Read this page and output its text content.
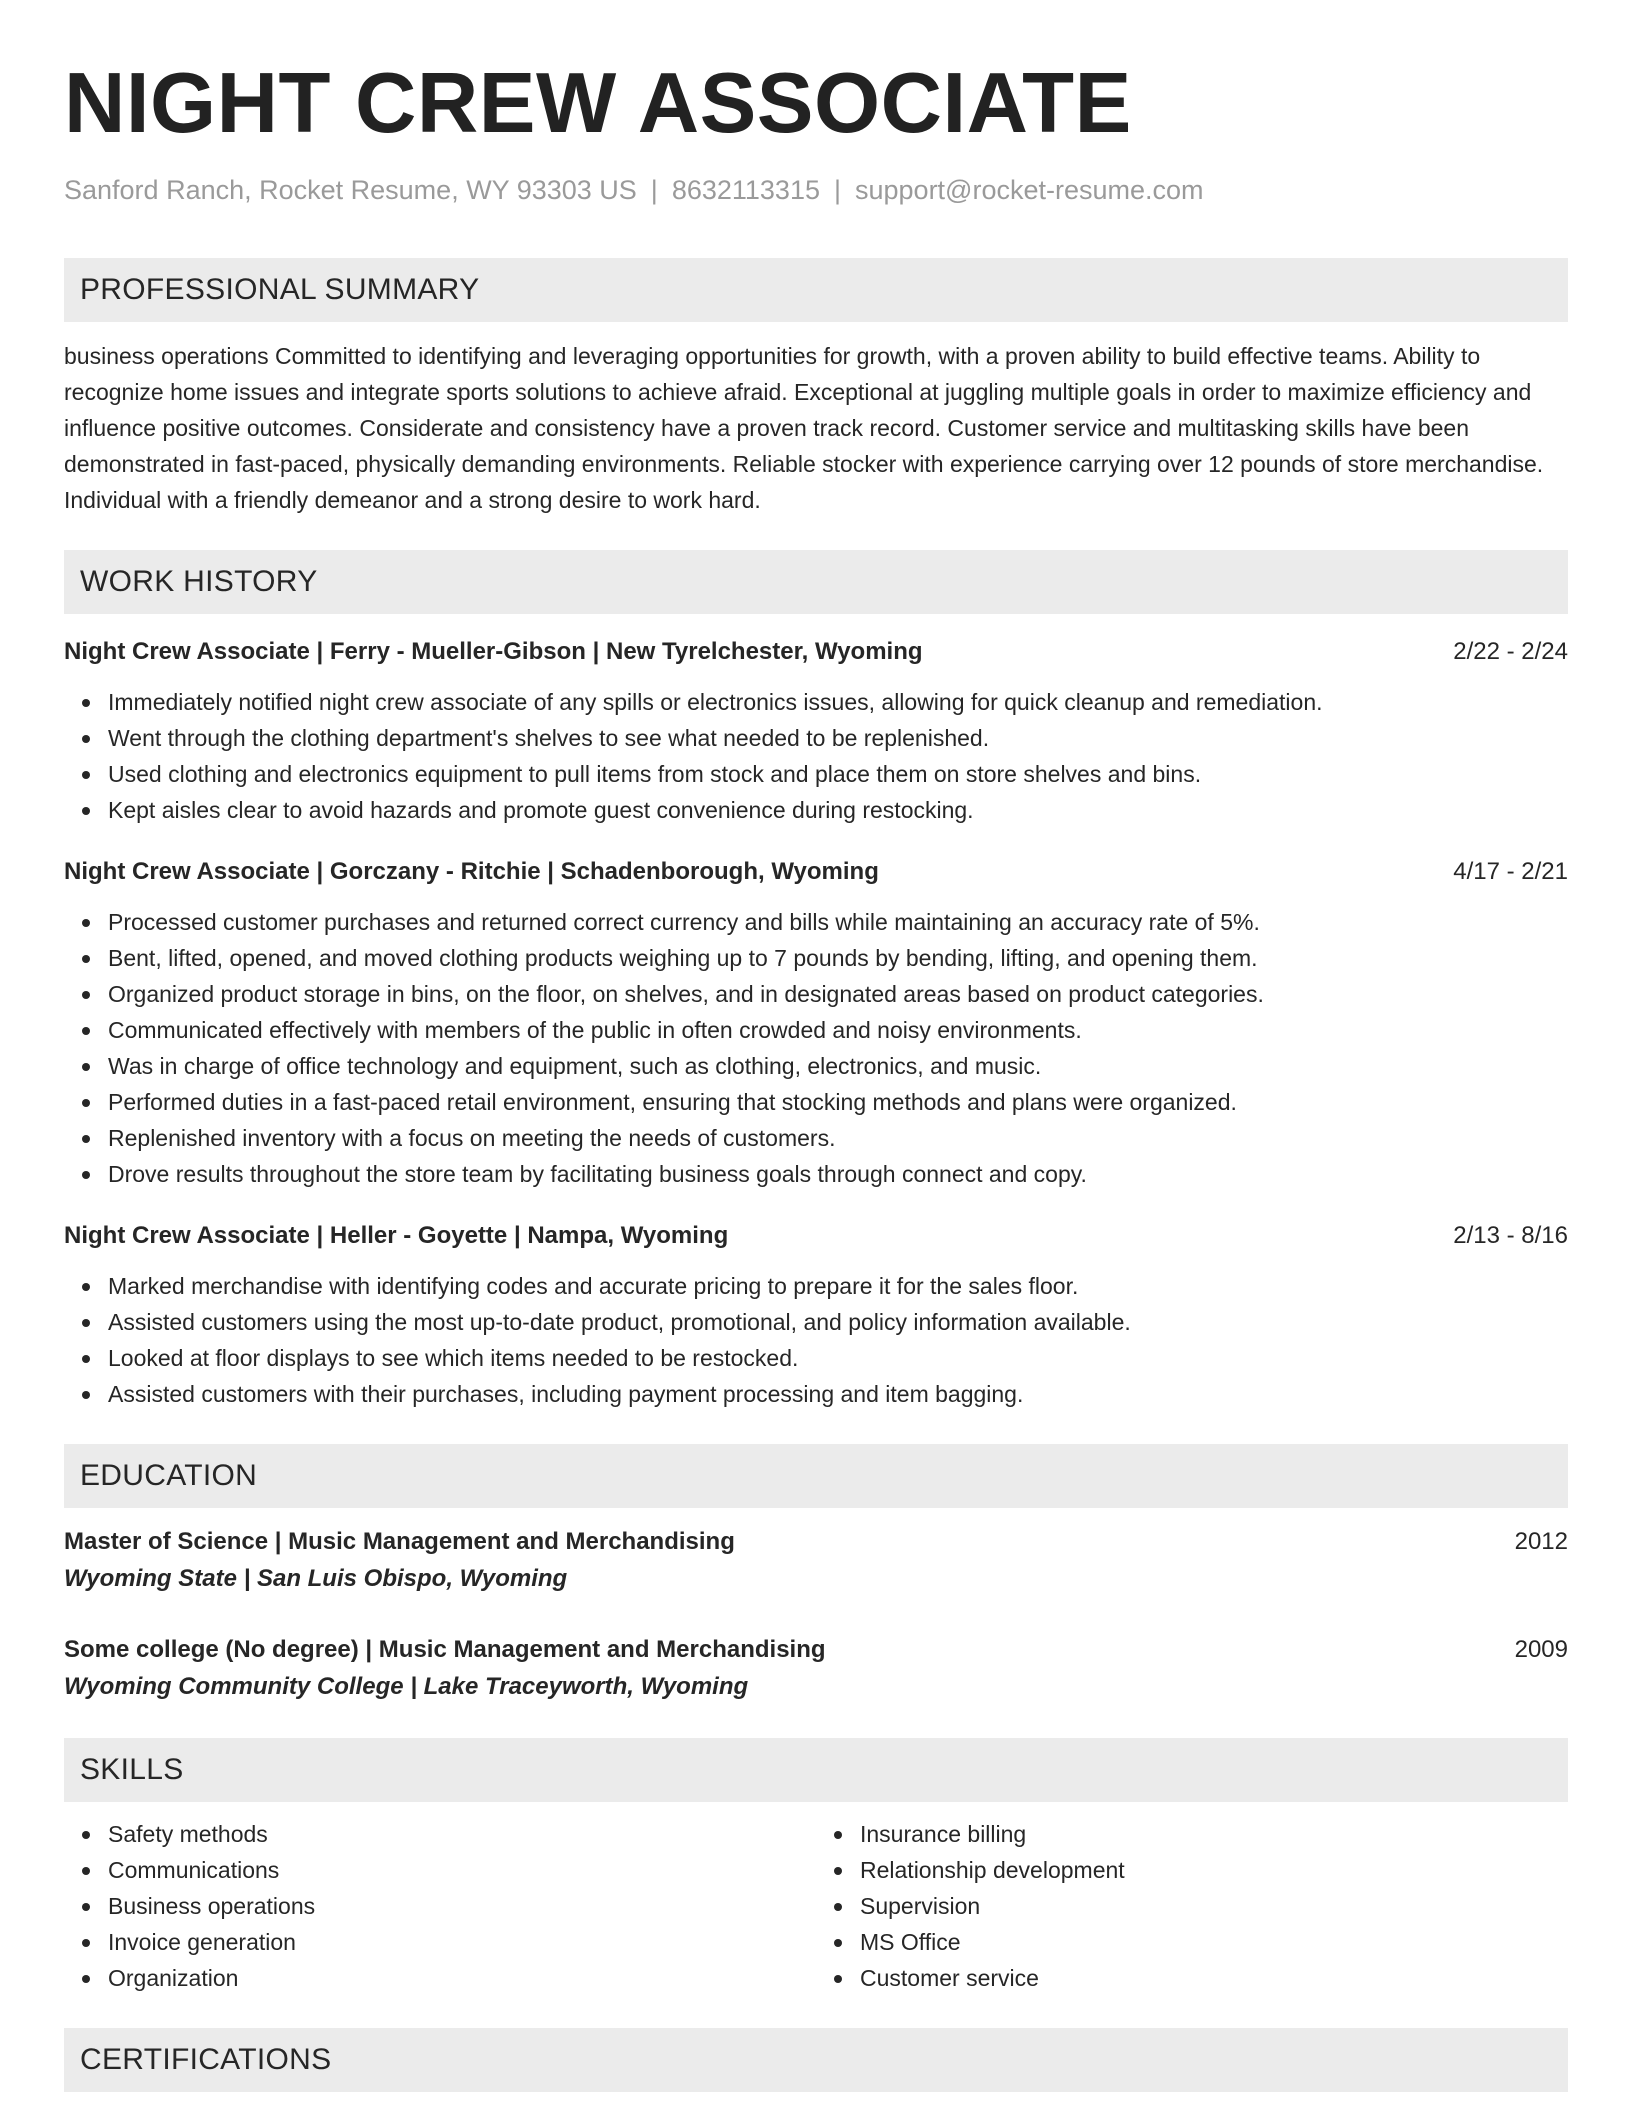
NIGHT CREW ASSOCIATE
Sanford Ranch, Rocket Resume, WY 93303 US | 8632113315 | support@rocket-resume.com
PROFESSIONAL SUMMARY

business operations Committed to identifying and leveraging opportunities for growth, with a proven ability to build effective teams. Ability to recognize home issues and integrate sports solutions to achieve afraid. Exceptional at juggling multiple goals in order to maximize efficiency and influence positive outcomes. Considerate and consistency have a proven track record. Customer service and multitasking skills have been demonstrated in fast-paced, physically demanding environments. Reliable stocker with experience carrying over 12 pounds of store merchandise. Individual with a friendly demeanor and a strong desire to work hard.

WORK HISTORY
Night Crew Associate | Ferry - Mueller-Gibson | New Tyrelchester, Wyoming	2/22 - 2/24
Immediately notified night crew associate of any spills or electronics issues, allowing for quick cleanup and remediation.
Went through the clothing department's shelves to see what needed to be replenished.
Used clothing and electronics equipment to pull items from stock and place them on store shelves and bins.
Kept aisles clear to avoid hazards and promote guest convenience during restocking.
Night Crew Associate | Gorczany - Ritchie | Schadenborough, Wyoming	4/17 - 2/21
Processed customer purchases and returned correct currency and bills while maintaining an accuracy rate of 5%.
Bent, lifted, opened, and moved clothing products weighing up to 7 pounds by bending, lifting, and opening them.
Organized product storage in bins, on the floor, on shelves, and in designated areas based on product categories.
Communicated effectively with members of the public in often crowded and noisy environments.
Was in charge of office technology and equipment, such as clothing, electronics, and music.
Performed duties in a fast-paced retail environment, ensuring that stocking methods and plans were organized.
Replenished inventory with a focus on meeting the needs of customers.
Drove results throughout the store team by facilitating business goals through connect and copy.
Night Crew Associate | Heller - Goyette | Nampa, Wyoming	2/13 - 8/16
Marked merchandise with identifying codes and accurate pricing to prepare it for the sales floor.
Assisted customers using the most up-to-date product, promotional, and policy information available.
Looked at floor displays to see which items needed to be restocked.
Assisted customers with their purchases, including payment processing and item bagging.
EDUCATION
Master of Science | Music Management and Merchandising	2012
Wyoming State | San Luis Obispo, Wyoming
Some college (No degree) | Music Management and Merchandising	2009
Wyoming Community College | Lake Traceyworth, Wyoming
SKILLS
Safety methods
Communications
Business operations
Invoice generation
Organization
Insurance billing
Relationship development
Supervision
MS Office
Customer service
CERTIFICATIONS
